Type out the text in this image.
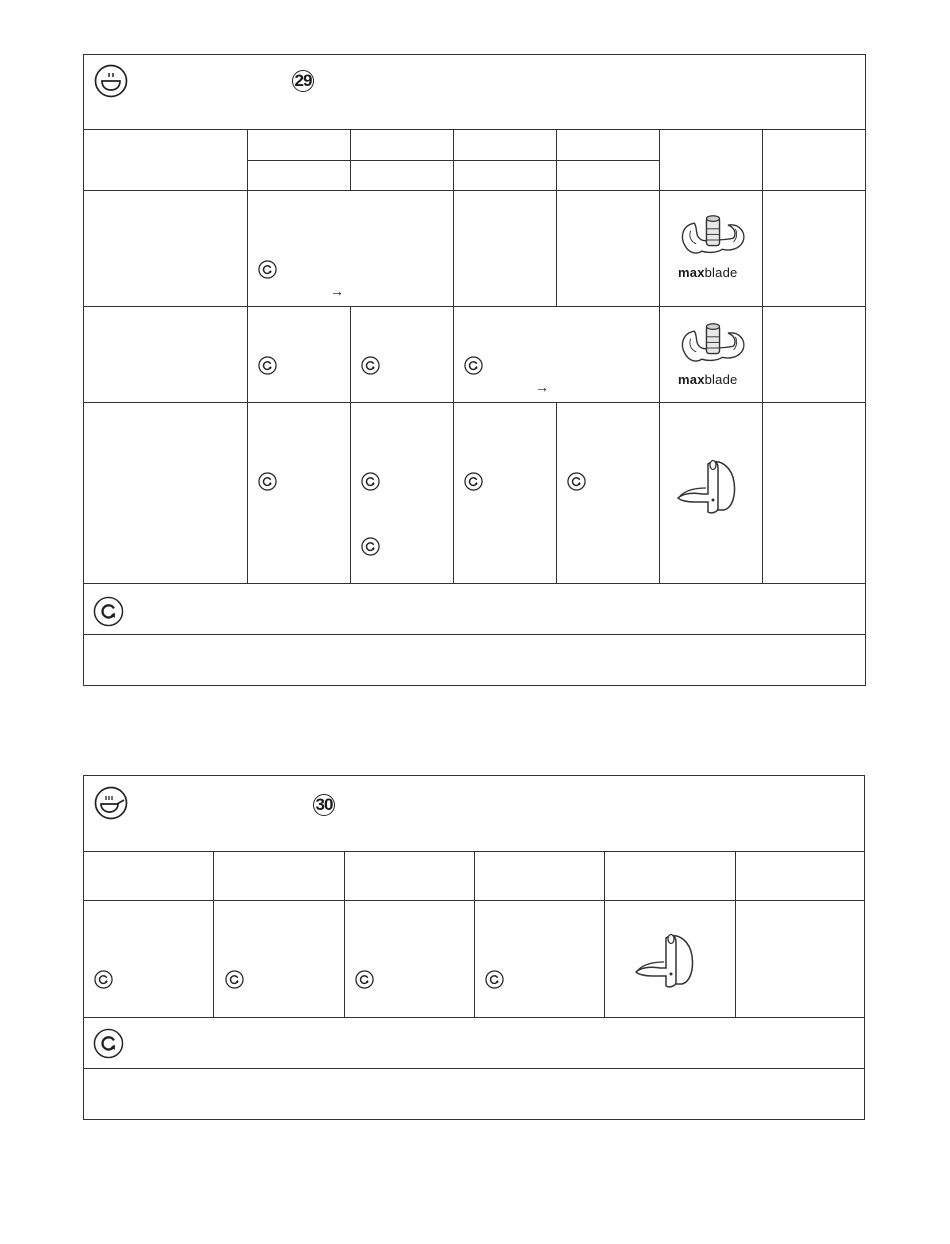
29
→
maxblade
→	maxblade
30
